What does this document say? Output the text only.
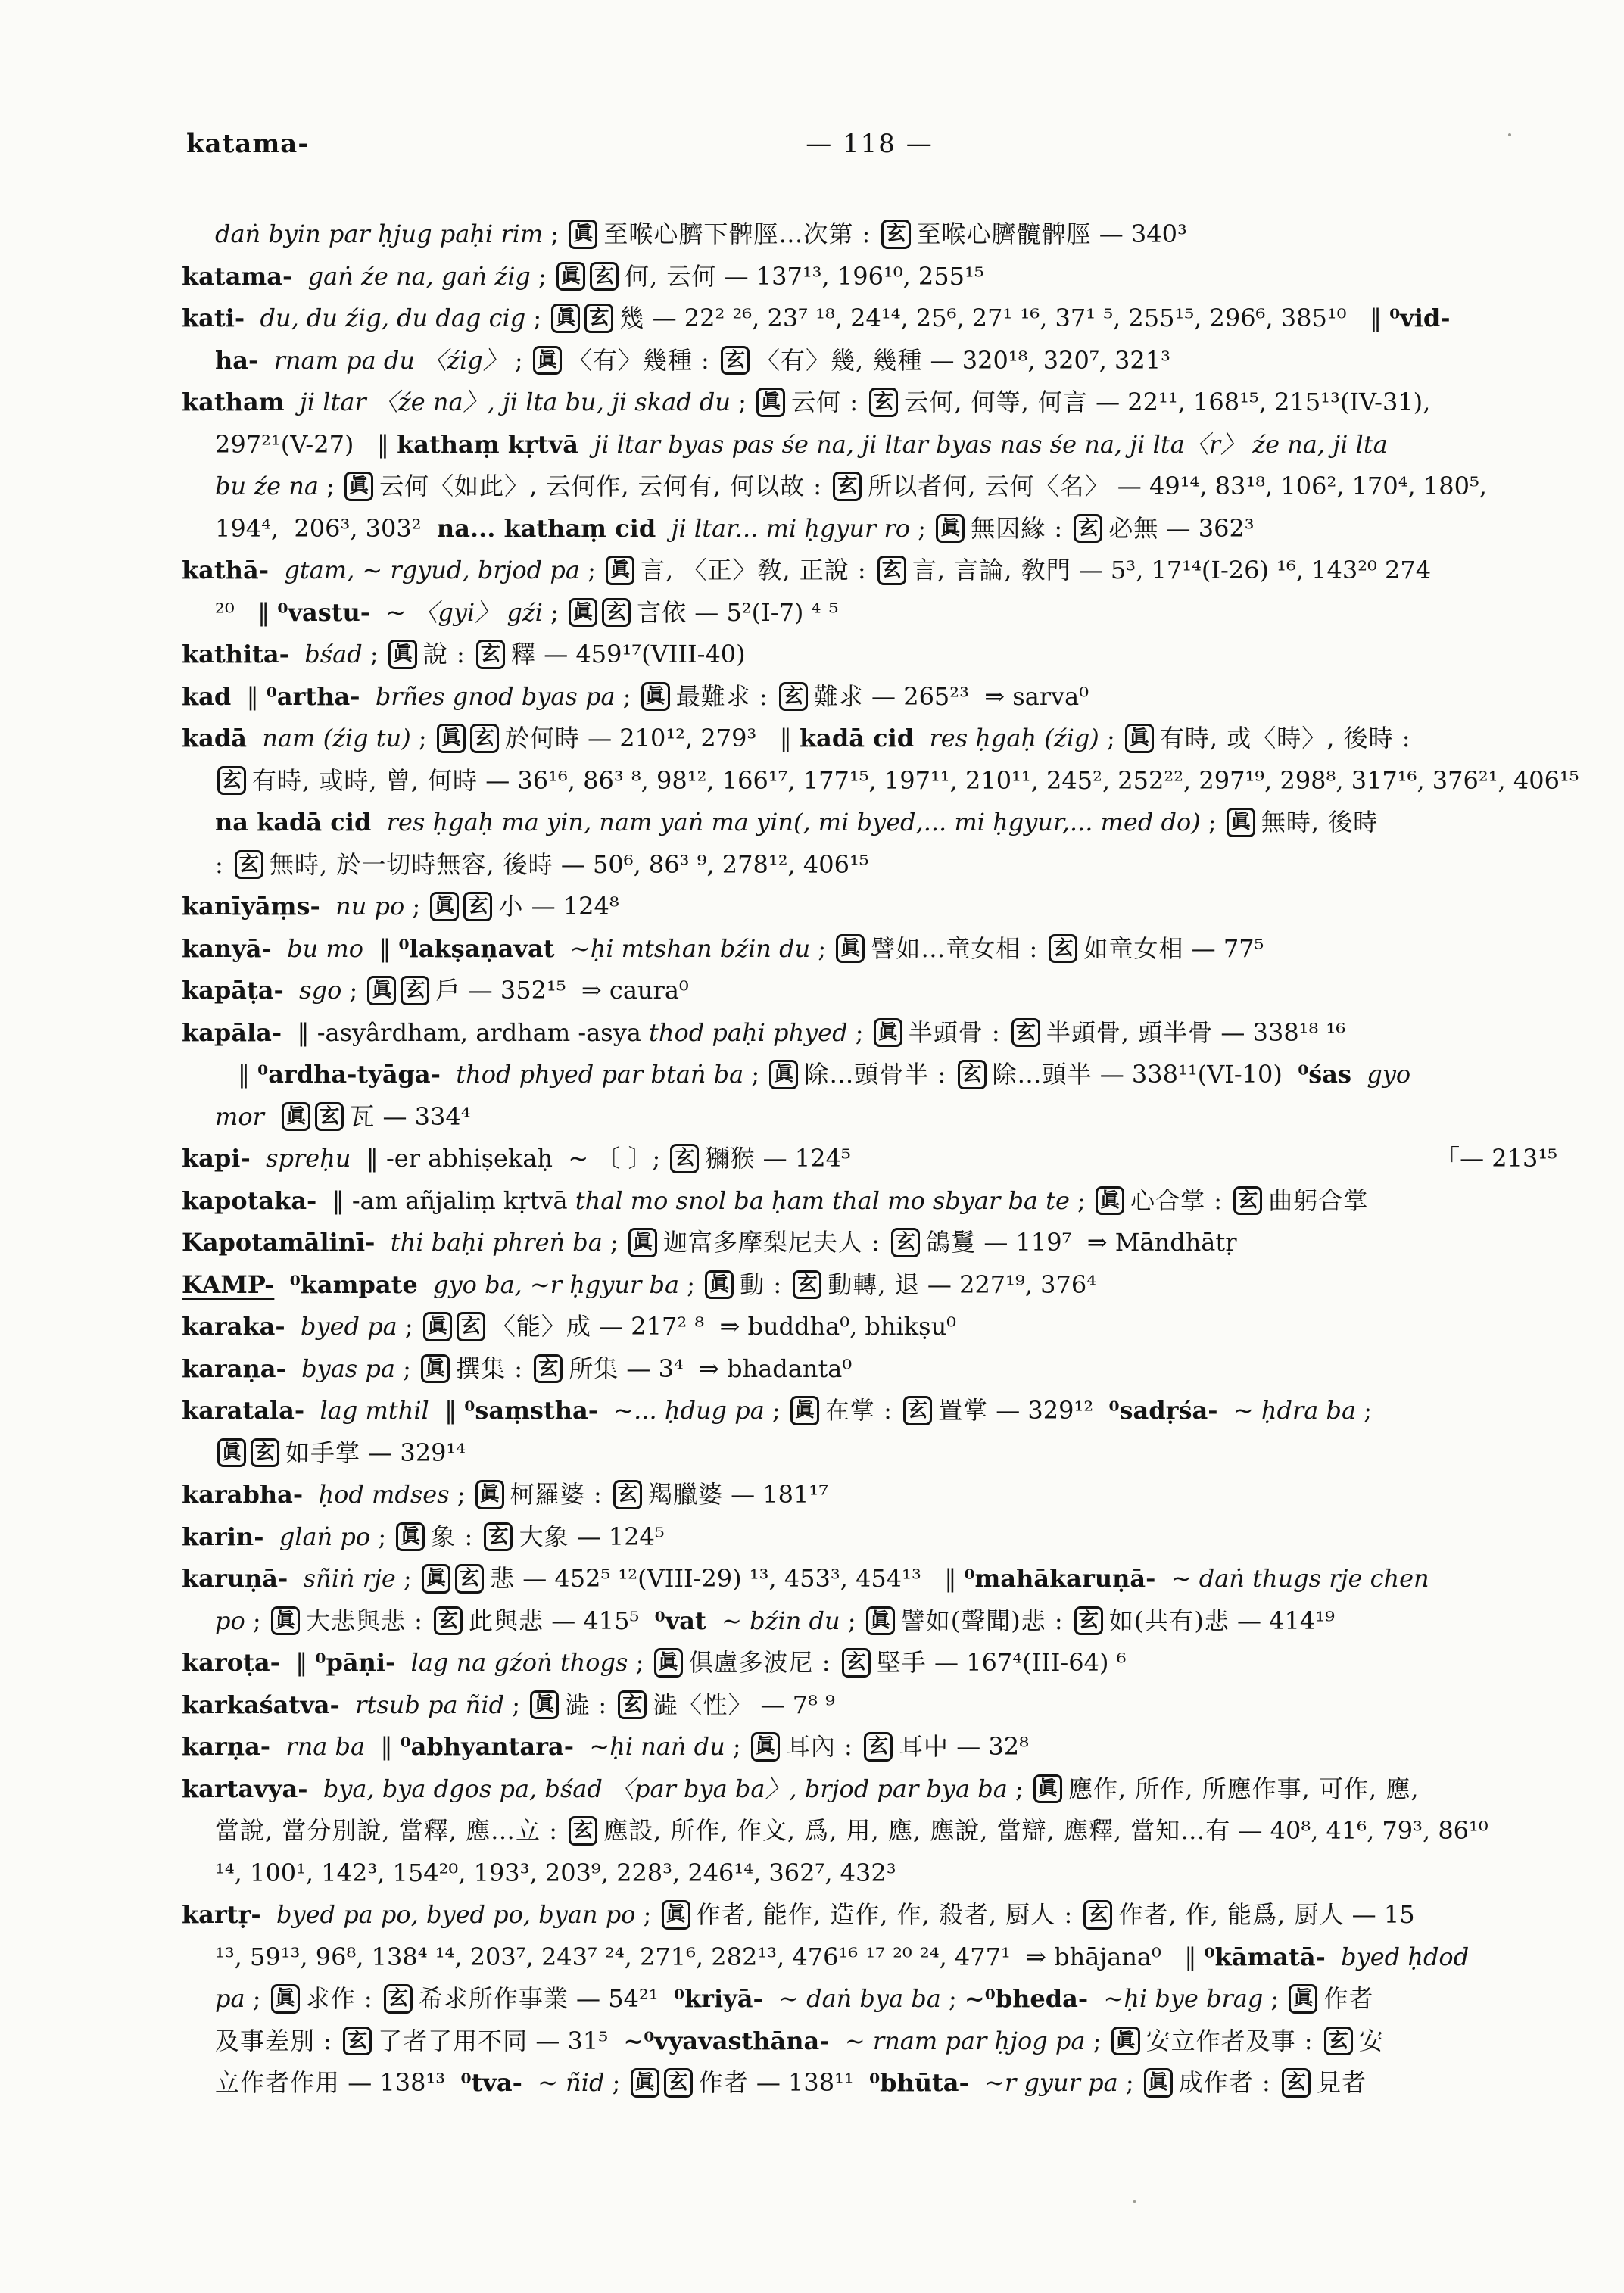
katama-	— 118 —
daṅ byin par ḥjug paḥi rim ; 眞 至喉心臍下髀脛…次第 : 玄 至喉心臍髖髀脛 — 340³
katama- gaṅ źe na, gaṅ źig ; 眞 玄 何, 云何 — 137¹³, 196¹⁰, 255¹⁵
kati- du, du źig, du dag cig ; 眞 玄 幾 — 22² ²⁶, 23⁷ ¹⁸, 24¹⁴, 25⁶, 27¹ ¹⁶, 37¹ ⁵, 255¹⁵, 296⁶, 385¹⁰   ‖ ⁰vid-
ha- rnam pa du 〈źig〉 ; 眞 〈有〉幾種 : 玄 〈有〉幾, 幾種 — 320¹⁸, 320⁷, 321³
katham ji ltar 〈źe na〉, ji lta bu, ji skad du ; 眞 云何 : 玄 云何, 何等, 何言 — 22¹¹, 168¹⁵, 215¹³(IV-31),
297²¹(V-27)   ‖ kathaṃ kṛtvā ji ltar byas pas śe na, ji ltar byas nas śe na, ji lta〈r〉 źe na, ji lta
bu źe na ; 眞 云何〈如此〉, 云何作, 云何有, 何以故 : 玄 所以者何, 云何〈名〉 — 49¹⁴, 83¹⁸, 106², 170⁴, 180⁵,
194⁴,  206³, 303²  na... kathaṃ cid ji ltar... mi ḥgyur ro ; 眞 無因緣 : 玄 必無 — 362³
kathā- gtam, ~ rgyud, brjod pa ; 眞 言, 〈正〉敎, 正說 : 玄 言, 言論, 敎門 — 5³, 17¹⁴(I-26) ¹⁶, 143²⁰ 274
²⁰   ‖ ⁰vastu- ~ 〈gyi〉 gźi ; 眞 玄 言依 — 5²(I-7) ⁴ ⁵
kathita- bśad ; 眞 說 : 玄 釋 — 459¹⁷(VIII-40)
kad  ‖ ⁰artha- brñes gnod byas pa ; 眞 最難求 : 玄 難求 — 265²³  ⇒ sarva⁰
kadā nam (źig tu) ; 眞 玄 於何時 — 210¹², 279³   ‖ kadā cid res ḥgaḥ (źig) ; 眞 有時, 或〈時〉, 後時 :
玄 有時, 或時, 曾, 何時 — 36¹⁶, 86³ ⁸, 98¹², 166¹⁷, 177¹⁵, 197¹¹, 210¹¹, 245², 252²², 297¹⁹, 298⁸, 317¹⁶, 376²¹, 406¹⁵
na kadā cid res ḥgaḥ ma yin, nam yaṅ ma yin(, mi byed,... mi ḥgyur,... med do) ; 眞 無時, 後時
: 玄 無時, 於一切時無容, 後時 — 50⁶, 86³ ⁹, 278¹², 406¹⁵
kanīyāṃs- nu po ; 眞 玄 小 — 124⁸
kanyā- bu mo  ‖ ⁰lakṣaṇavat ~ḥi mtshan bźin du ; 眞 譬如…童女相 : 玄 如童女相 — 77⁵
kapāṭa- sgo ; 眞 玄 戶 — 352¹⁵  ⇒ caura⁰
kapāla-  ‖ -asyârdham, ardham -asya thod paḥi phyed ; 眞 半頭骨 : 玄 半頭骨, 頭半骨 — 338¹⁸ ¹⁶
‖ ⁰ardha-tyāga- thod phyed par btaṅ ba ; 眞 除…頭骨半 : 玄 除…頭半 — 338¹¹(VI-10)  ⁰śas gyo
mor 眞 玄 瓦 — 334⁴
kapi- spreḥu  ‖ -er abhiṣekaḥ  ~ 〔 〕; 玄 獼猴 — 124⁵	「— 213¹⁵
kapotaka-  ‖ -am añjaliṃ kṛtvā thal mo snol ba ḥam thal mo sbyar ba te ; 眞 心合掌 : 玄 曲躬合掌
Kapotamālinī- thi baḥi phreṅ ba ; 眞 迦富多摩梨尼夫人 : 玄 鴿鬘 — 119⁷  ⇒ Māndhātṛ
KAMP- ⁰kampate gyo ba, ~r ḥgyur ba ; 眞 動 : 玄 動轉, 退 — 227¹⁹, 376⁴
karaka- byed pa ; 眞 玄 〈能〉成 — 217² ⁸  ⇒ buddha⁰, bhikṣu⁰
karaṇa- byas pa ; 眞 撰集 : 玄 所集 — 3⁴  ⇒ bhadanta⁰
karatala- lag mthil  ‖ ⁰saṃstha- ~... ḥdug pa ; 眞 在掌 : 玄 置掌 — 329¹²  ⁰sadṛśa- ~ ḥdra ba ;
眞 玄 如手掌 — 329¹⁴
karabha- ḥod mdses ; 眞 柯羅婆 : 玄 羯臘婆 — 181¹⁷
karin- glaṅ po ; 眞 象 : 玄 大象 — 124⁵
karuṇā- sñiṅ rje ; 眞 玄 悲 — 452⁵ ¹²(VIII-29) ¹³, 453³, 454¹³   ‖ ⁰mahākaruṇā- ~ daṅ thugs rje chen
po ; 眞 大悲與悲 : 玄 此與悲 — 415⁵  ⁰vat ~ bźin du ; 眞 譬如(聲聞)悲 : 玄 如(共有)悲 — 414¹⁹
karoṭa-  ‖ ⁰pāṇi- lag na gźoṅ thogs ; 眞 倶盧多波尼 : 玄 堅手 — 167⁴(III-64) ⁶
karkaśatva- rtsub pa ñid ; 眞 澁 : 玄 澁〈性〉 — 7⁸ ⁹
karṇa- rna ba  ‖ ⁰abhyantara- ~ḥi naṅ du ; 眞 耳內 : 玄 耳中 — 32⁸
kartavya- bya, bya dgos pa, bśad 〈par bya ba〉, brjod par bya ba ; 眞 應作, 所作, 所應作事, 可作, 應,
當說, 當分別說, 當釋, 應…立 : 玄 應設, 所作, 作文, 爲, 用, 應, 應說, 當辯, 應釋, 當知…有 — 40⁸, 41⁶, 79³, 86¹⁰
¹⁴, 100¹, 142³, 154²⁰, 193³, 203⁹, 228³, 246¹⁴, 362⁷, 432³
kartṛ- byed pa po, byed po, byan po ; 眞 作者, 能作, 造作, 作, 殺者, 厨人 : 玄 作者, 作, 能爲, 厨人 — 15
¹³, 59¹³, 96⁸, 138⁴ ¹⁴, 203⁷, 243⁷ ²⁴, 271⁶, 282¹³, 476¹⁶ ¹⁷ ²⁰ ²⁴, 477¹  ⇒ bhājana⁰   ‖ ⁰kāmatā- byed ḥdod
pa ; 眞 求作 : 玄 希求所作事業 — 54²¹  ⁰kriyā- ~ daṅ bya ba ; ~⁰bheda- ~ḥi bye brag ; 眞 作者
及事差別 : 玄 了者了用不同 — 31⁵  ~⁰vyavasthāna- ~ rnam par ḥjog pa ; 眞 安立作者及事 : 玄 安
立作者作用 — 138¹³  ⁰tva- ~ ñid ; 眞 玄 作者 — 138¹¹  ⁰bhūta- ~r gyur pa ; 眞 成作者 : 玄 見者
